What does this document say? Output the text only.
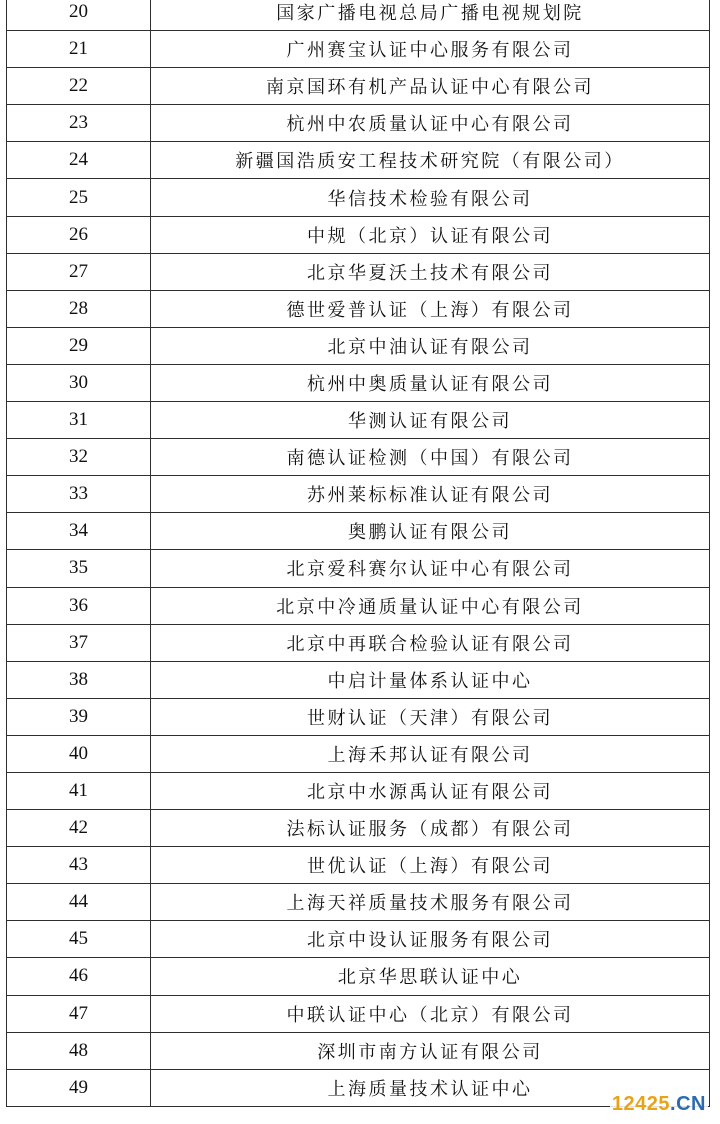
20	国家广播电视总局广播电视规划院
21	广州赛宝认证中心服务有限公司
22	南京国环有机产品认证中心有限公司
23	杭州中农质量认证中心有限公司
24	新疆国浩质安工程技术研究院（有限公司）
25	华信技术检验有限公司
26	中规（北京）认证有限公司
27	北京华夏沃土技术有限公司
28	德世爱普认证（上海）有限公司
29	北京中油认证有限公司
30	杭州中奥质量认证有限公司
31	华测认证有限公司
32	南德认证检测（中国）有限公司
33	苏州莱标标准认证有限公司
34	奥鹏认证有限公司
35	北京爱科赛尔认证中心有限公司
36	北京中冷通质量认证中心有限公司
37	北京中再联合检验认证有限公司
38	中启计量体系认证中心
39	世财认证（天津）有限公司
40	上海禾邦认证有限公司
41	北京中水源禹认证有限公司
42	法标认证服务（成都）有限公司
43	世优认证（上海）有限公司
44	上海天祥质量技术服务有限公司
45	北京中设认证服务有限公司
46	北京华思联认证中心
47	中联认证中心（北京）有限公司
48	深圳市南方认证有限公司
49	上海质量技术认证中心
12425.CN
